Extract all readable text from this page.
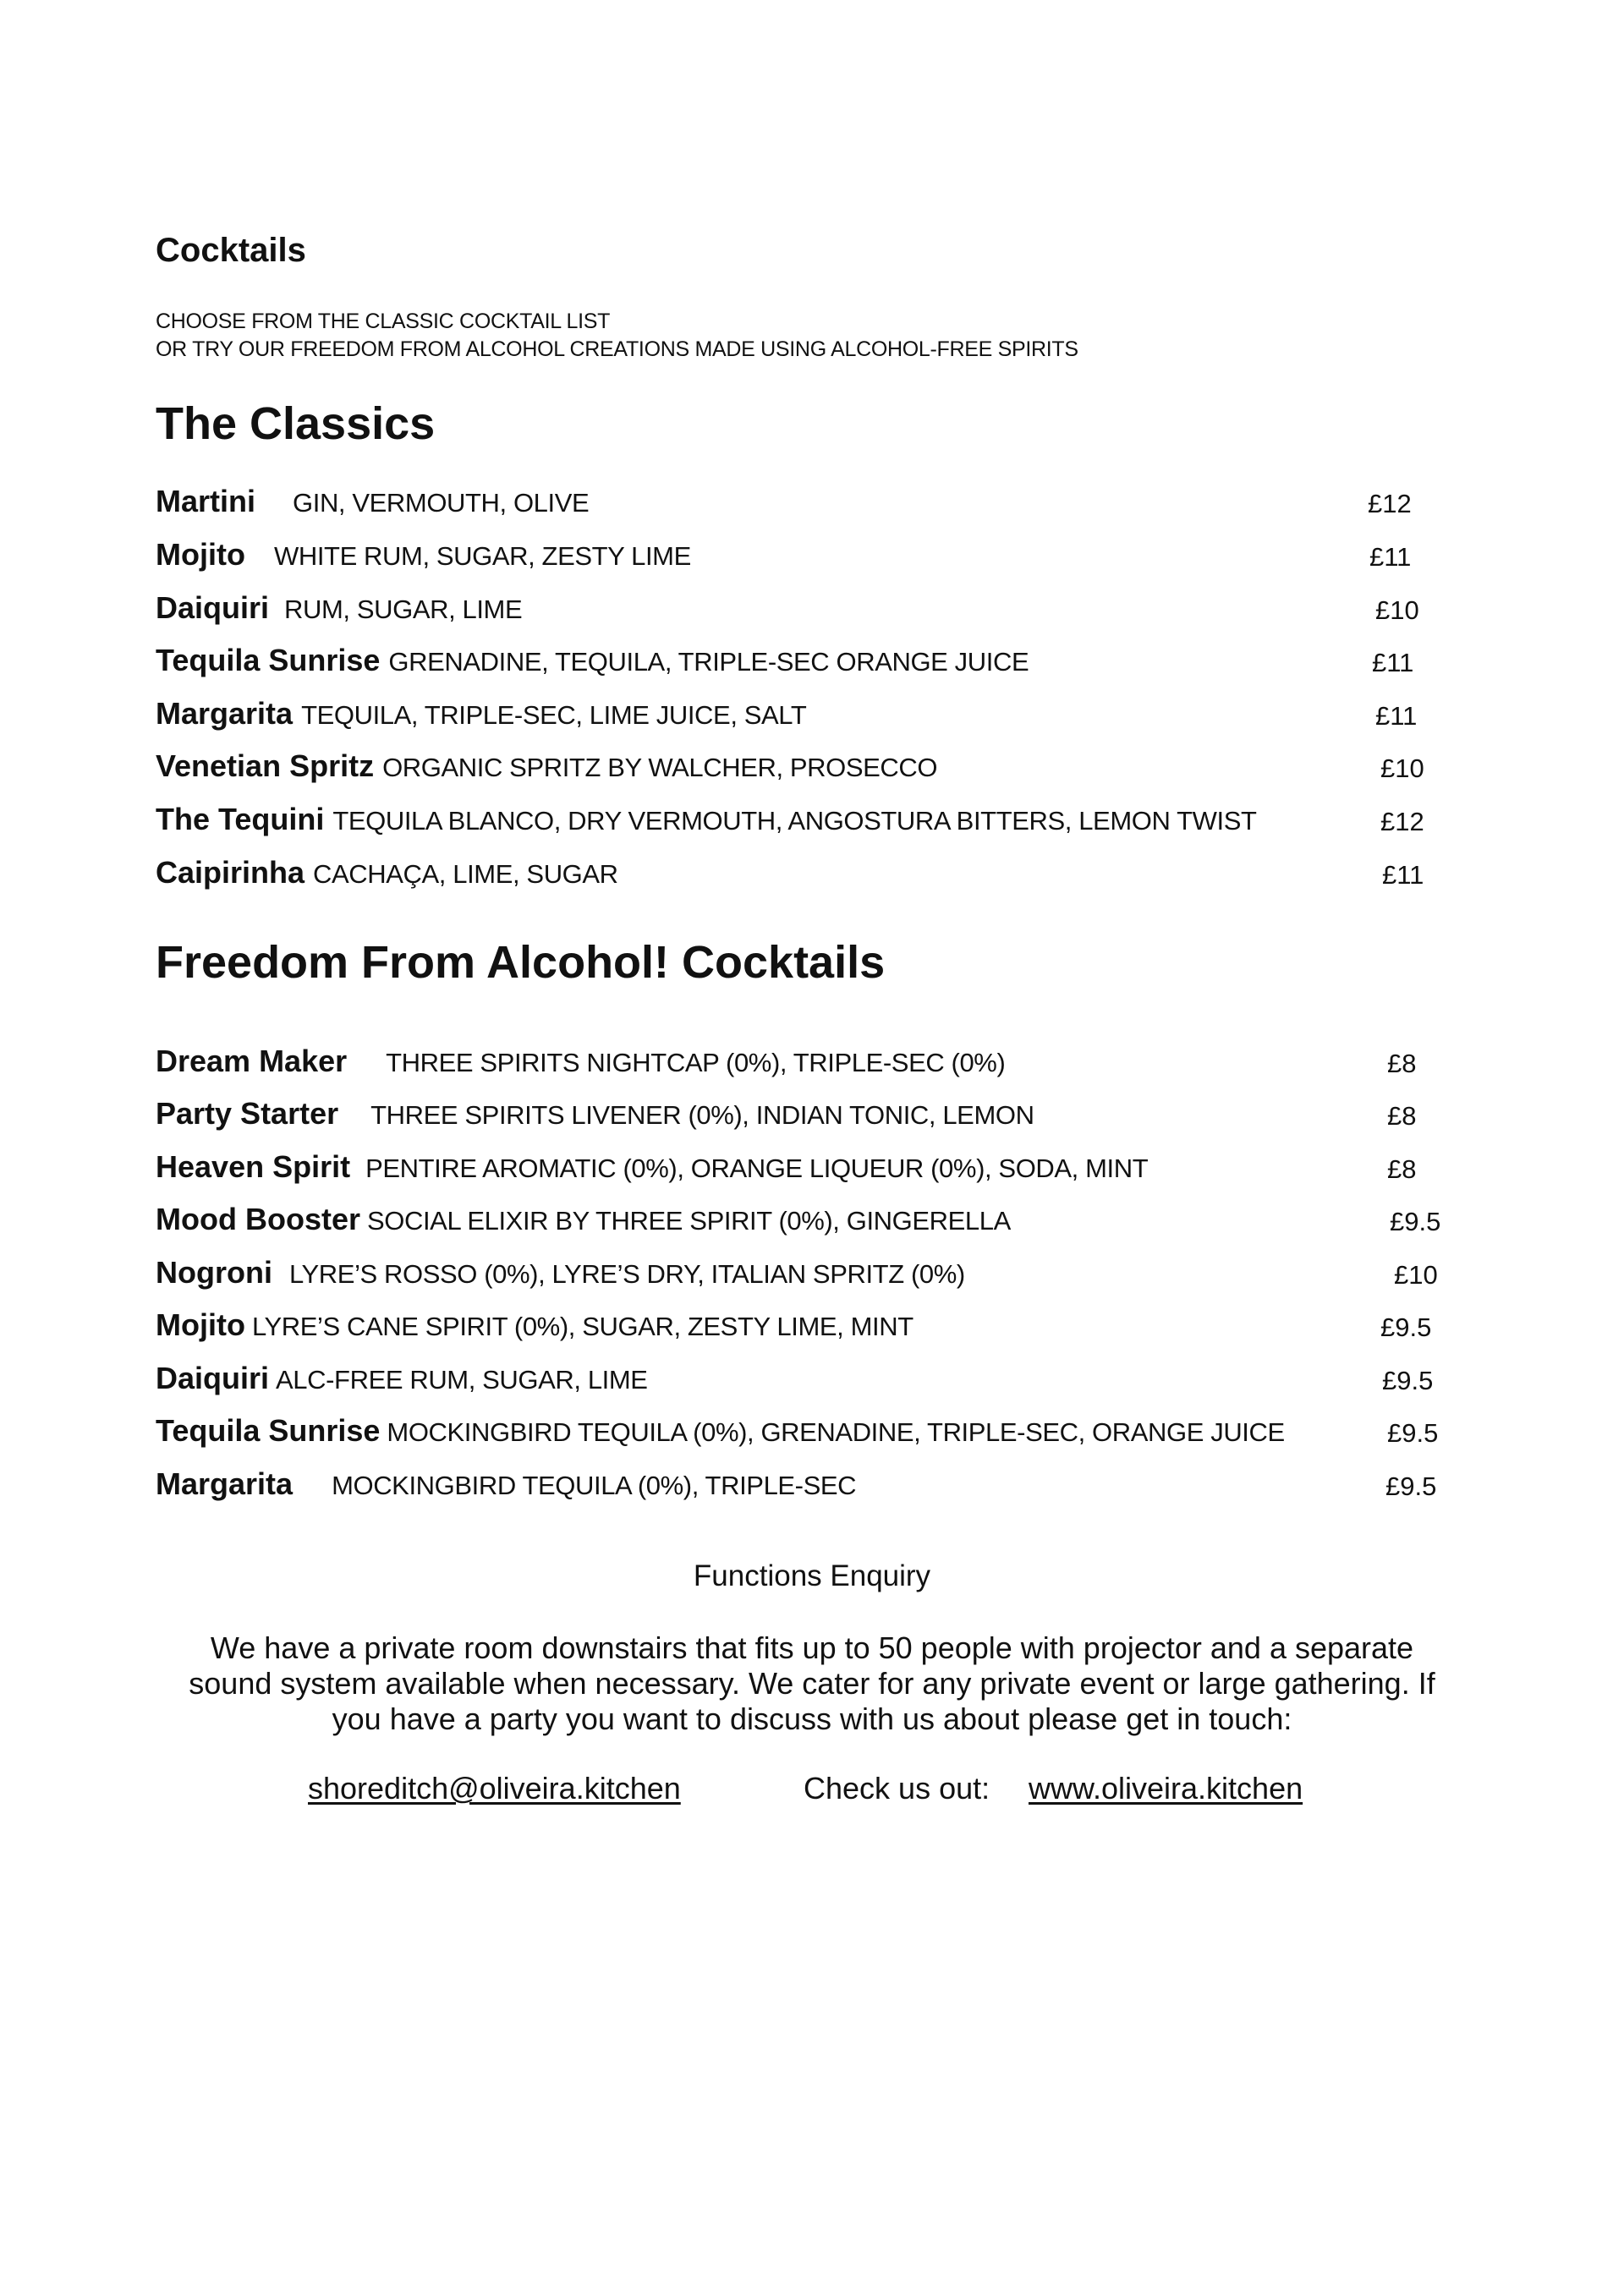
Cocktails
CHOOSE FROM THE CLASSIC COCKTAIL LIST
OR TRY OUR FREEDOM FROM ALCOHOL CREATIONS MADE USING ALCOHOL-FREE SPIRITS
The Classics
Martini GIN, VERMOUTH, OLIVE	£12
Mojito WHITE RUM, SUGAR, ZESTY LIME	£11
Daiquiri RUM, SUGAR, LIME	£10
Tequila Sunrise GRENADINE, TEQUILA, TRIPLE-SEC ORANGE JUICE	£11
Margarita TEQUILA, TRIPLE-SEC, LIME JUICE, SALT	£11
Venetian Spritz ORGANIC SPRITZ BY WALCHER, PROSECCO	£10
The Tequini TEQUILA BLANCO, DRY VERMOUTH, ANGOSTURA BITTERS, LEMON TWIST	£12
Caipirinha CACHAÇA, LIME, SUGAR	£11
Freedom From Alcohol! Cocktails
Dream Maker THREE SPIRITS NIGHTCAP (0%), TRIPLE-SEC (0%)	£8
Party Starter THREE SPIRITS LIVENER (0%), INDIAN TONIC, LEMON	£8
Heaven Spirit PENTIRE AROMATIC (0%), ORANGE LIQUEUR (0%), SODA, MINT	£8
Mood Booster SOCIAL ELIXIR BY THREE SPIRIT (0%), GINGERELLA	£9.5
Nogroni LYRE’S ROSSO (0%), LYRE’S DRY, ITALIAN SPRITZ (0%)	£10
Mojito LYRE’S CANE SPIRIT (0%), SUGAR, ZESTY LIME, MINT	£9.5
Daiquiri ALC-FREE RUM, SUGAR, LIME	£9.5
Tequila Sunrise MOCKINGBIRD TEQUILA (0%), GRENADINE, TRIPLE-SEC, ORANGE JUICE	£9.5
Margarita MOCKINGBIRD TEQUILA (0%), TRIPLE-SEC	£9.5
Functions Enquiry
We have a private room downstairs that fits up to 50 people with projector and a separate
sound system available when necessary. We cater for any private event or large gathering. If
you have a party you want to discuss with us about please get in touch:
shoreditch@oliveira.kitchen	Check us out: www.oliveira.kitchen
